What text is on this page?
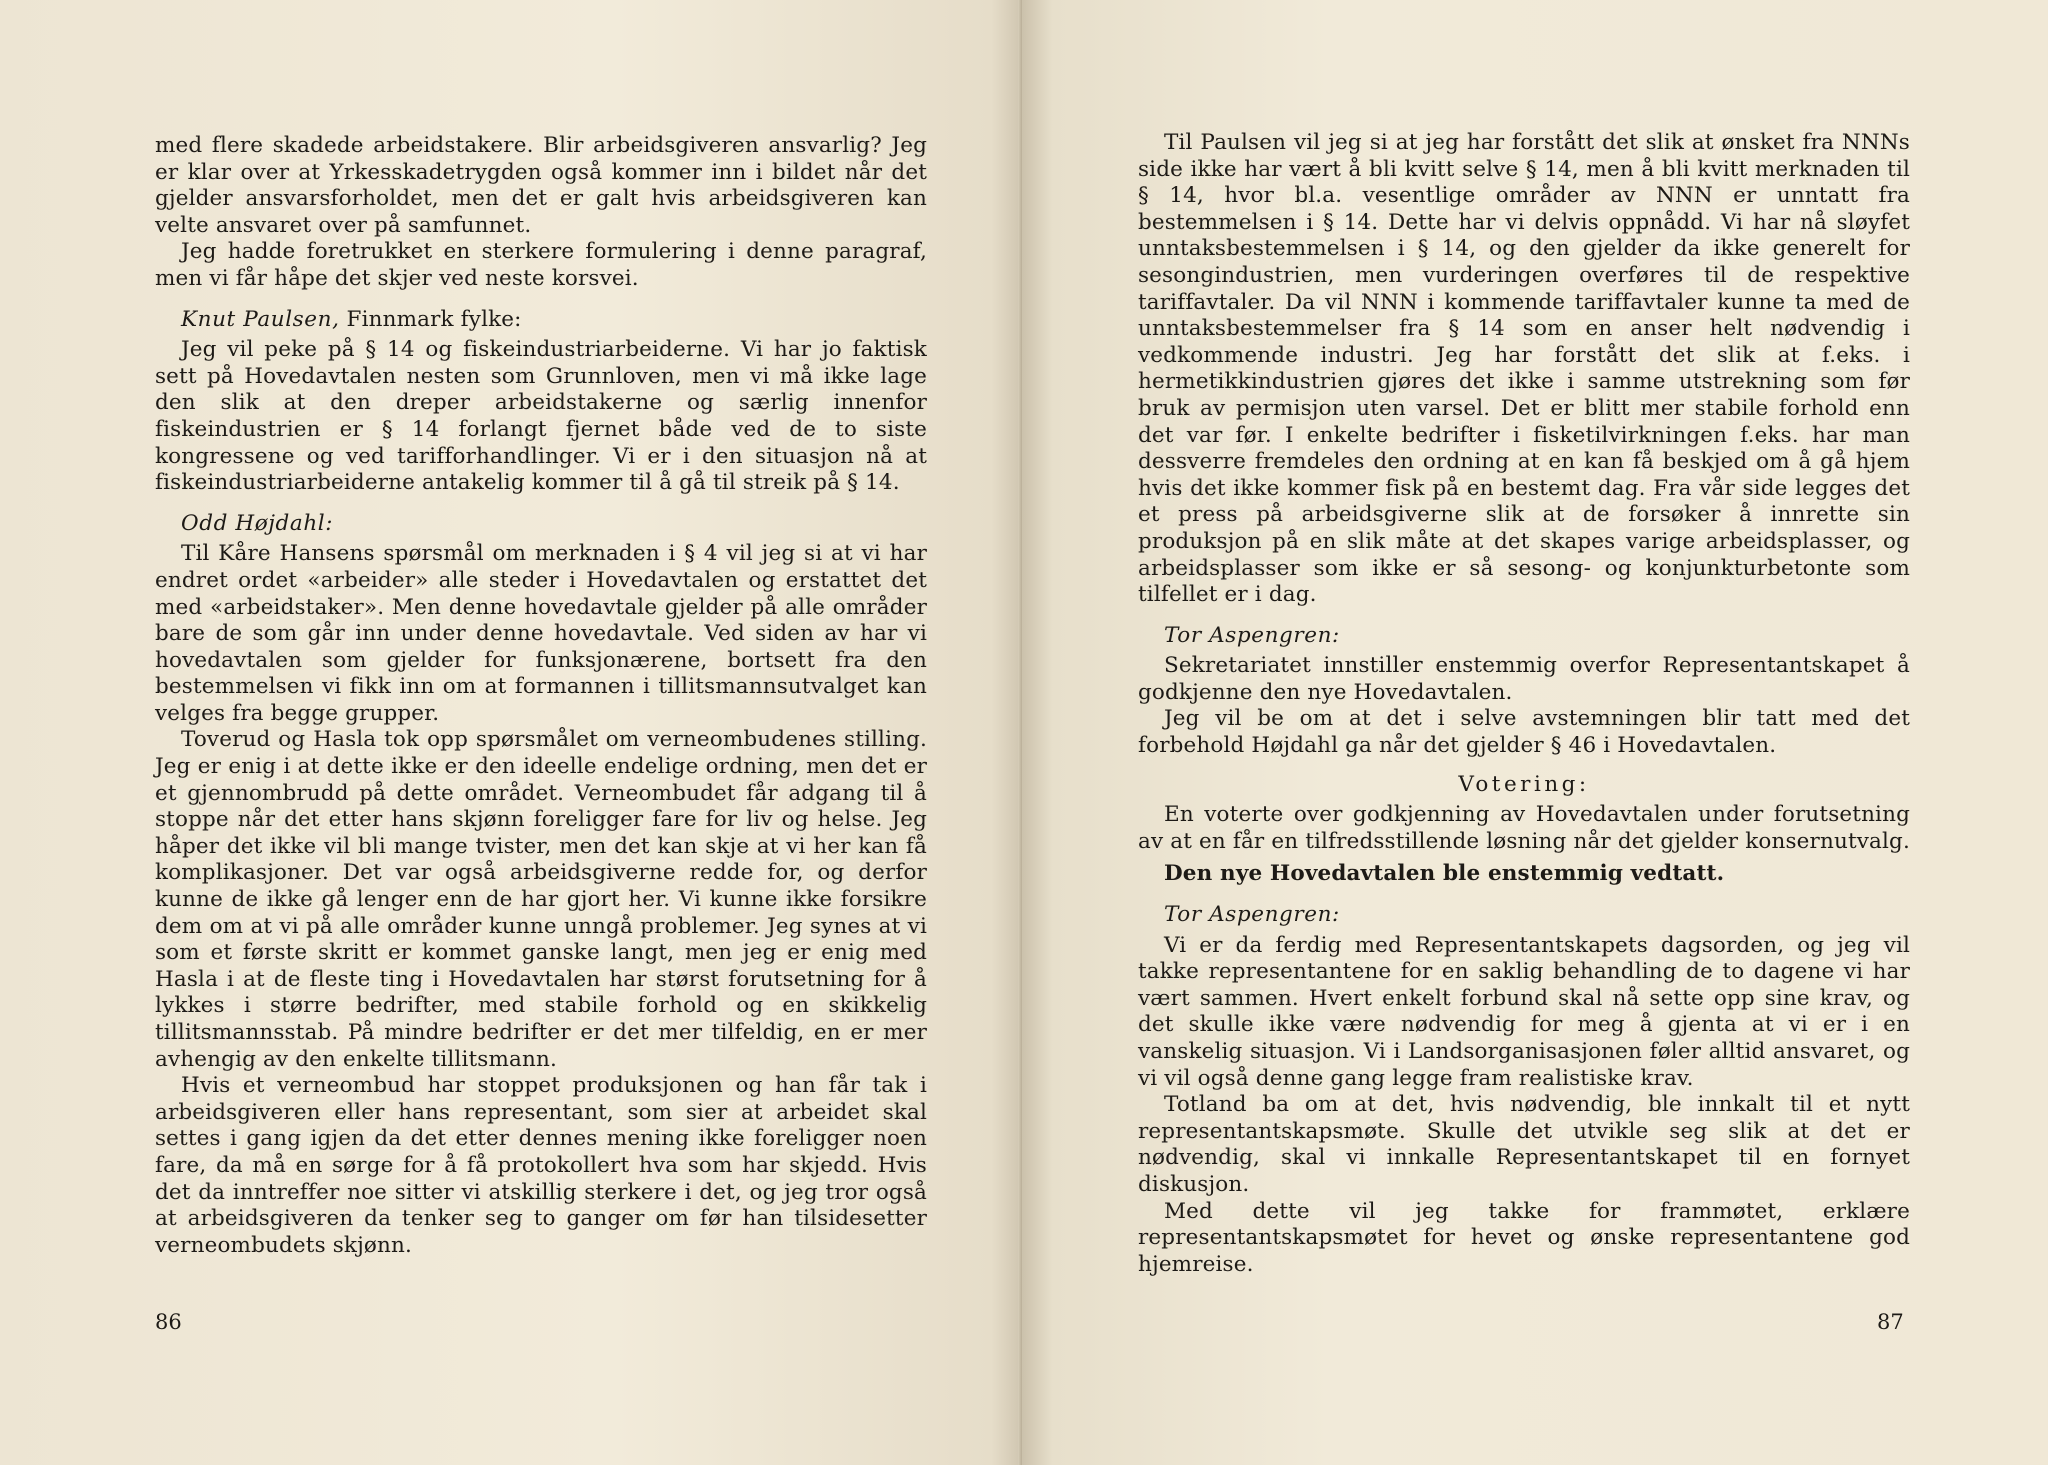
med flere skadede arbeidstakere. Blir arbeidsgiveren ansvarlig? Jeg er klar over at Yrkesskadetrygden også kommer inn i bildet når det gjelder ansvarsforholdet, men det er galt hvis arbeidsgiveren kan velte ansvaret over på samfunnet.

Jeg hadde foretrukket en sterkere formulering i denne paragraf, men vi får håpe det skjer ved neste korsvei.

Knut Paulsen, Finnmark fylke:

Jeg vil peke på § 14 og fiskeindustriarbeiderne. Vi har jo faktisk sett på Hovedavtalen nesten som Grunnloven, men vi må ikke lage den slik at den dreper arbeidstakerne og særlig innenfor fiskeindustrien er § 14 forlangt fjernet både ved de to siste kongressene og ved tarifforhandlinger. Vi er i den situasjon nå at fiskeindustriarbeiderne antakelig kommer til å gå til streik på § 14.

Odd Højdahl:

Til Kåre Hansens spørsmål om merknaden i § 4 vil jeg si at vi har endret ordet «arbeider» alle steder i Hovedavtalen og erstattet det med «arbeidstaker». Men denne hovedavtale gjelder på alle områder bare de som går inn under denne hovedavtale. Ved siden av har vi hovedavtalen som gjelder for funksjonærene, bortsett fra den bestemmelsen vi fikk inn om at formannen i tillitsmannsutvalget kan velges fra begge grupper.

Toverud og Hasla tok opp spørsmålet om verneombudenes stilling. Jeg er enig i at dette ikke er den ideelle endelige ordning, men det er et gjennombrudd på dette området. Verneombudet får adgang til å stoppe når det etter hans skjønn foreligger fare for liv og helse. Jeg håper det ikke vil bli mange tvister, men det kan skje at vi her kan få komplikasjoner. Det var også arbeidsgiverne redde for, og derfor kunne de ikke gå lenger enn de har gjort her. Vi kunne ikke forsikre dem om at vi på alle områder kunne unngå problemer. Jeg synes at vi som et første skritt er kommet ganske langt, men jeg er enig med Hasla i at de fleste ting i Hovedavtalen har størst forutsetning for å lykkes i større bedrifter, med stabile forhold og en skikkelig tillitsmannsstab. På mindre bedrifter er det mer tilfeldig, en er mer avhengig av den enkelte tillitsmann.

Hvis et verneombud har stoppet produksjonen og han får tak i arbeidsgiveren eller hans representant, som sier at arbeidet skal settes i gang igjen da det etter dennes mening ikke foreligger noen fare, da må en sørge for å få protokollert hva som har skjedd. Hvis det da inntreffer noe sitter vi atskillig sterkere i det, og jeg tror også at arbeidsgiveren da tenker seg to ganger om før han tilsidesetter verneombudets skjønn.

86

Til Paulsen vil jeg si at jeg har forstått det slik at ønsket fra NNNs side ikke har vært å bli kvitt selve § 14, men å bli kvitt merknaden til § 14, hvor bl.a. vesentlige områder av NNN er unntatt fra bestemmelsen i § 14. Dette har vi delvis oppnådd. Vi har nå sløyfet unntaksbestemmelsen i § 14, og den gjelder da ikke generelt for sesongindustrien, men vurderingen overføres til de respektive tariffavtaler. Da vil NNN i kommende tariffavtaler kunne ta med de unntaksbestemmelser fra § 14 som en anser helt nødvendig i vedkommende industri. Jeg har forstått det slik at f.eks. i hermetikkindustrien gjøres det ikke i samme utstrekning som før bruk av permisjon uten varsel. Det er blitt mer stabile forhold enn det var før. I enkelte bedrifter i fisketilvirkningen f.eks. har man dessverre fremdeles den ordning at en kan få beskjed om å gå hjem hvis det ikke kommer fisk på en bestemt dag. Fra vår side legges det et press på arbeidsgiverne slik at de forsøker å innrette sin produksjon på en slik måte at det skapes varige arbeidsplasser, og arbeidsplasser som ikke er så sesong- og konjunkturbetonte som tilfellet er i dag.

Tor Aspengren:

Sekretariatet innstiller enstemmig overfor Representantskapet å godkjenne den nye Hovedavtalen.

Jeg vil be om at det i selve avstemningen blir tatt med det forbehold Højdahl ga når det gjelder § 46 i Hovedavtalen.

Votering:

En voterte over godkjenning av Hovedavtalen under forutsetning av at en får en tilfredsstillende løsning når det gjelder konsernutvalg.

Den nye Hovedavtalen ble enstemmig vedtatt.

Tor Aspengren:

Vi er da ferdig med Representantskapets dagsorden, og jeg vil takke representantene for en saklig behandling de to dagene vi har vært sammen. Hvert enkelt forbund skal nå sette opp sine krav, og det skulle ikke være nødvendig for meg å gjenta at vi er i en vanskelig situasjon. Vi i Landsorganisasjonen føler alltid ansvaret, og vi vil også denne gang legge fram realistiske krav.

Totland ba om at det, hvis nødvendig, ble innkalt til et nytt representantskapsmøte. Skulle det utvikle seg slik at det er nødvendig, skal vi innkalle Representantskapet til en fornyet diskusjon.

Med dette vil jeg takke for frammøtet, erklære representantskapsmøtet for hevet og ønske representantene god hjemreise.

87
